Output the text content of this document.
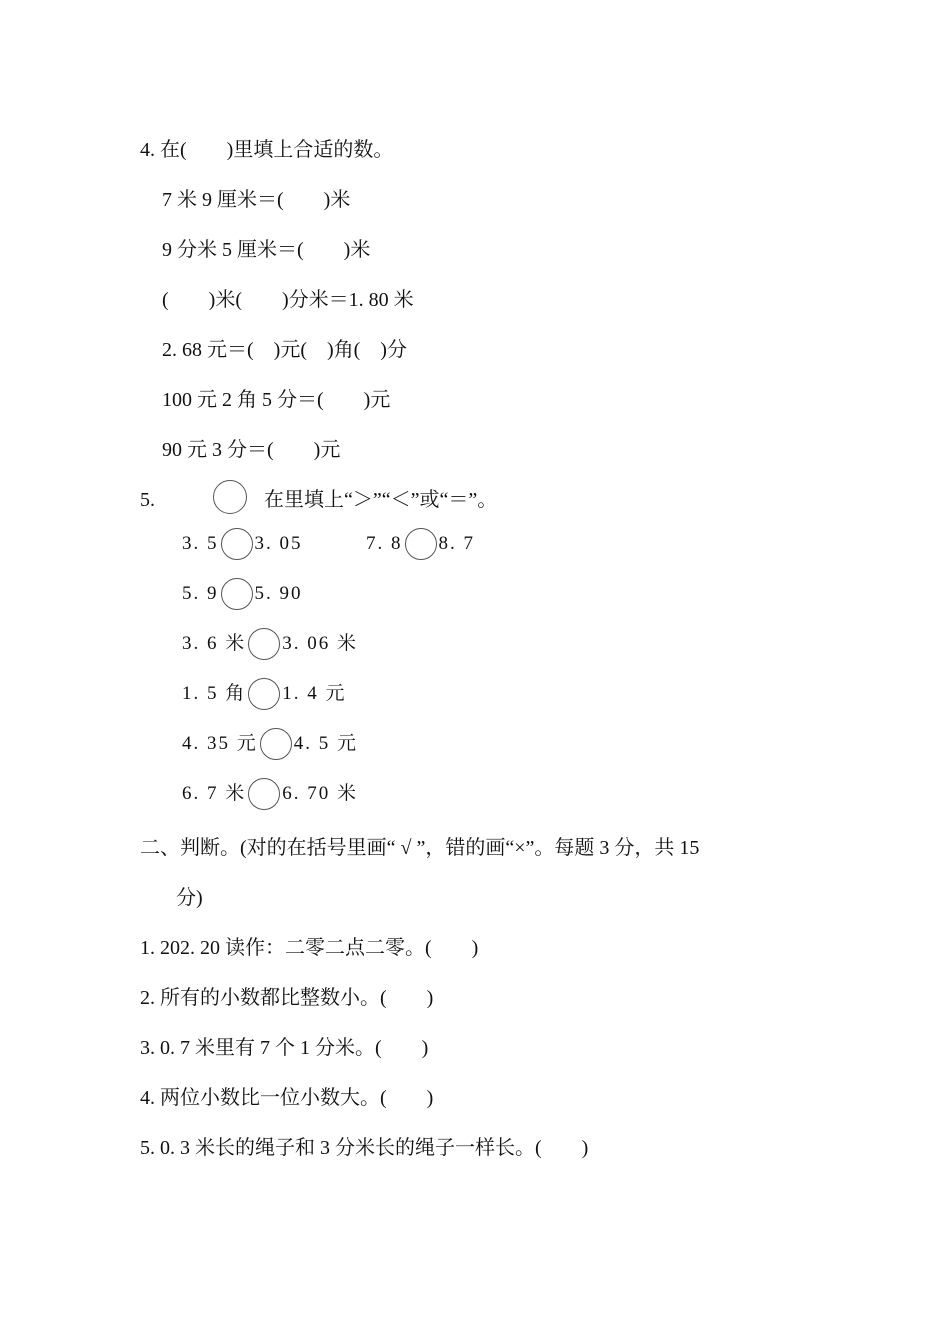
4. 在(　　)里填上合适的数。
7 米 9 厘米＝(　　)米
9 分米 5 厘米＝(　　)米
(　　)米(　　)分米＝1. 80 米
2. 68 元＝(　)元(　)角(　)分
100 元 2 角 5 分＝(　　)元
90 元 3 分＝(　　)元
5.	在里填上“＞”“＜”或“＝”。
3. 5 3. 05	7. 8 8. 7
5. 9 5. 90
3. 6 米 3. 06 米
1. 5 角 1. 4 元
4. 35 元 4. 5 元
6. 7 米 6. 70 米
二、判断。(对的在括号里画“ √ ”，错的画“×”。每题 3 分，共 15
分)
1. 202. 20 读作：二零二点二零。(　　)
2. 所有的小数都比整数小。(　　)
3. 0. 7 米里有 7 个 1 分米。(　　)
4. 两位小数比一位小数大。(　　)
5. 0. 3 米长的绳子和 3 分米长的绳子一样长。(　　)
